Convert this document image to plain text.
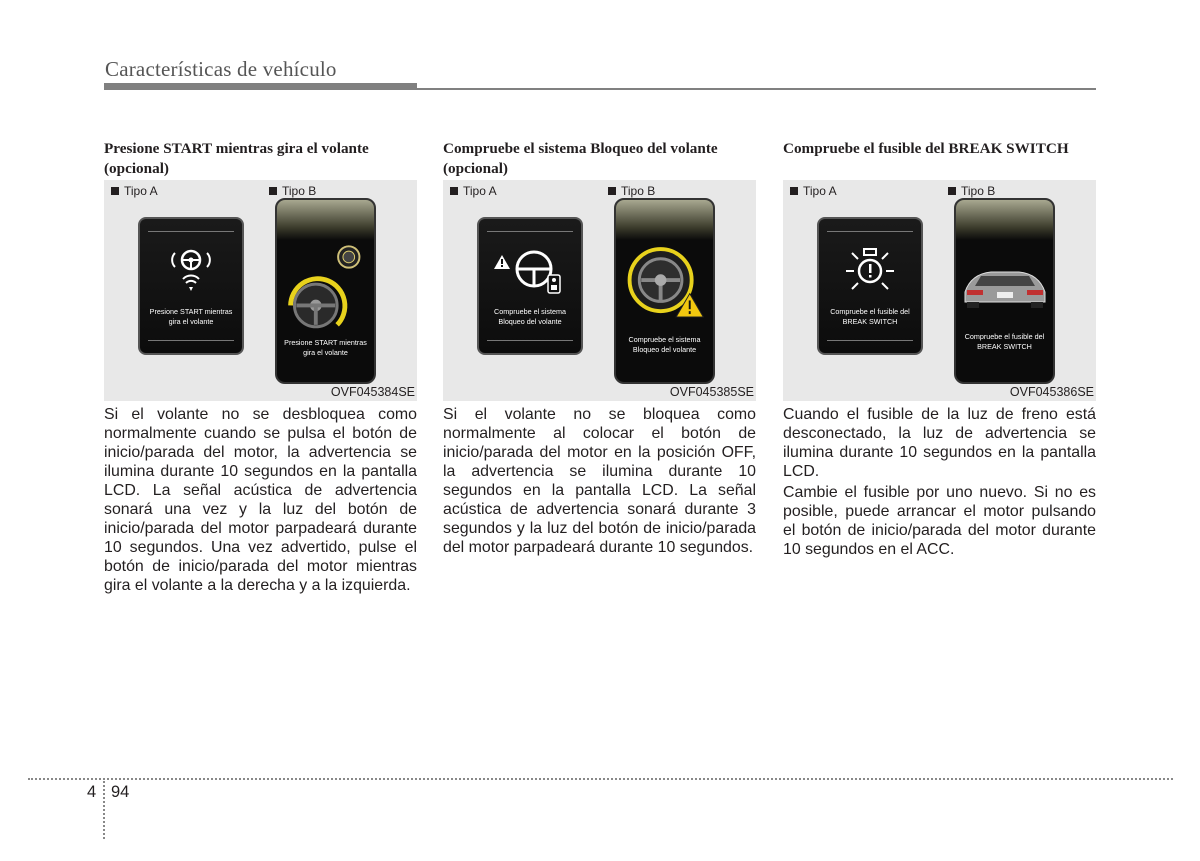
Características de vehículo
Presione START mientras gira el volante (opcional)
Tipo A	Tipo B
Presione START mientras gira el volante
Presione START mientras gira el volante
OVF045384SE

Si el volante no se desbloquea como normalmente cuando se pulsa el botón de inicio/parada del motor, la advertencia se ilumina durante 10 segundos en la pantalla LCD. La señal acústica de advertencia sonará una vez y la luz del botón de inicio/parada del motor parpadeará durante 10 segundos. Una vez advertido, pulse el botón de inicio/parada del motor mientras gira el volante a la derecha y a la izquierda.

Compruebe el sistema Bloqueo del volante (opcional)
Tipo A	Tipo B
Compruebe el sistema Bloqueo del volante
Compruebe el sistema Bloqueo del volante
OVF045385SE

Si el volante no se bloquea como normalmente al colocar el botón de inicio/parada del motor en la posición OFF, la advertencia se ilumina durante 10 segundos en la pantalla LCD. La señal acústica de advertencia sonará durante 3 segundos y la luz del botón de inicio/parada del motor parpadeará durante 10 segundos.

Compruebe el fusible del BREAK SWITCH
Tipo A	Tipo B
Compruebe el fusible del BREAK SWITCH
Compruebe el fusible del BREAK SWITCH
OVF045386SE

Cuando el fusible de la luz de freno está desconectado, la luz de advertencia se ilumina durante 10 segundos en la pantalla LCD.

Cambie el fusible por uno nuevo. Si no es posible, puede arrancar el motor pulsando el botón de inicio/parada del motor durante 10 segundos en el ACC.

4 94
